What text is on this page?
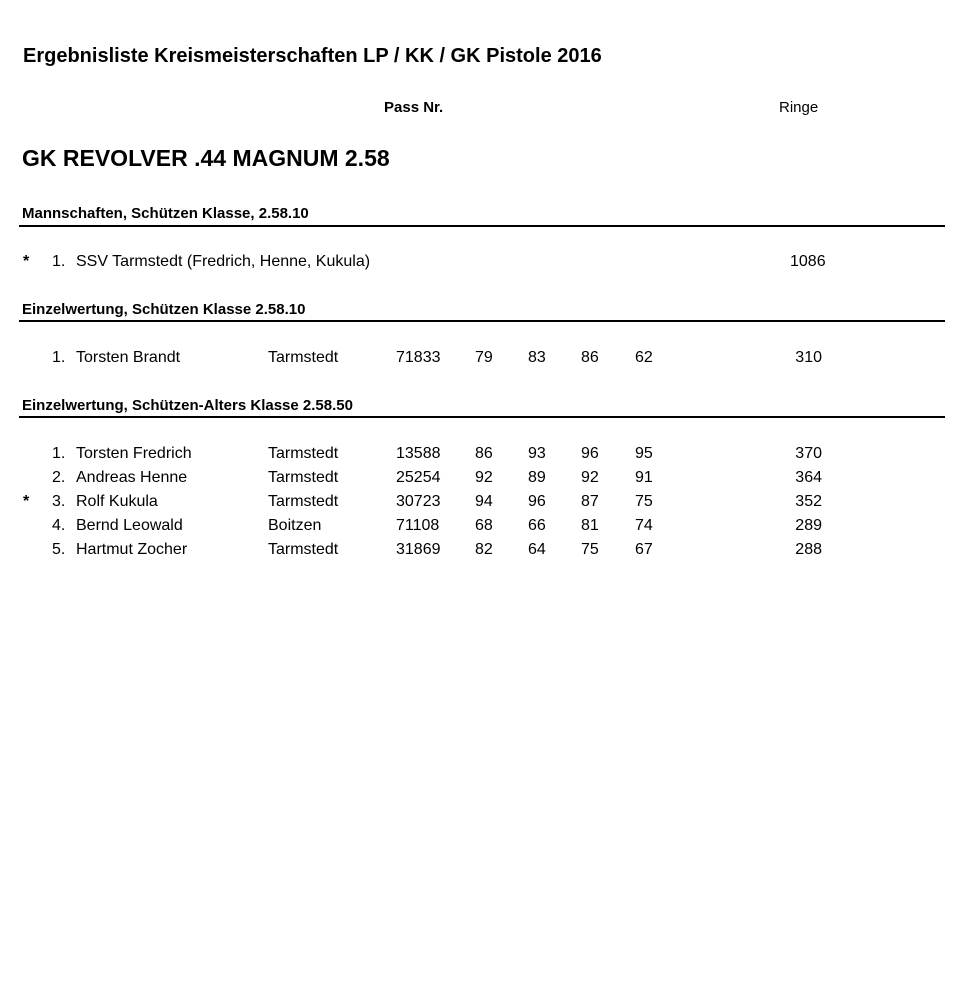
Ergebnisliste Kreismeisterschaften LP / KK / GK Pistole 2016
Pass Nr.	Ringe
GK REVOLVER .44 MAGNUM 2.58
Mannschaften, Schützen Klasse, 2.58.10
* 1. SSV Tarmstedt (Fredrich, Henne, Kukula)	1086
Einzelwertung, Schützen Klasse 2.58.10
1. Torsten Brandt	Tarmstedt	71833 79 83 86 62	310
Einzelwertung, Schützen-Alters Klasse 2.58.50
1. Torsten Fredrich	Tarmstedt	13588 86 93 96 95	370
2. Andreas Henne	Tarmstedt	25254 92 89 92 91	364
* 3. Rolf Kukula	Tarmstedt	30723 94 96 87 75	352
4. Bernd Leowald	Boitzen	71108 68 66 81 74	289
5. Hartmut Zocher	Tarmstedt	31869 82 64 75 67	288
